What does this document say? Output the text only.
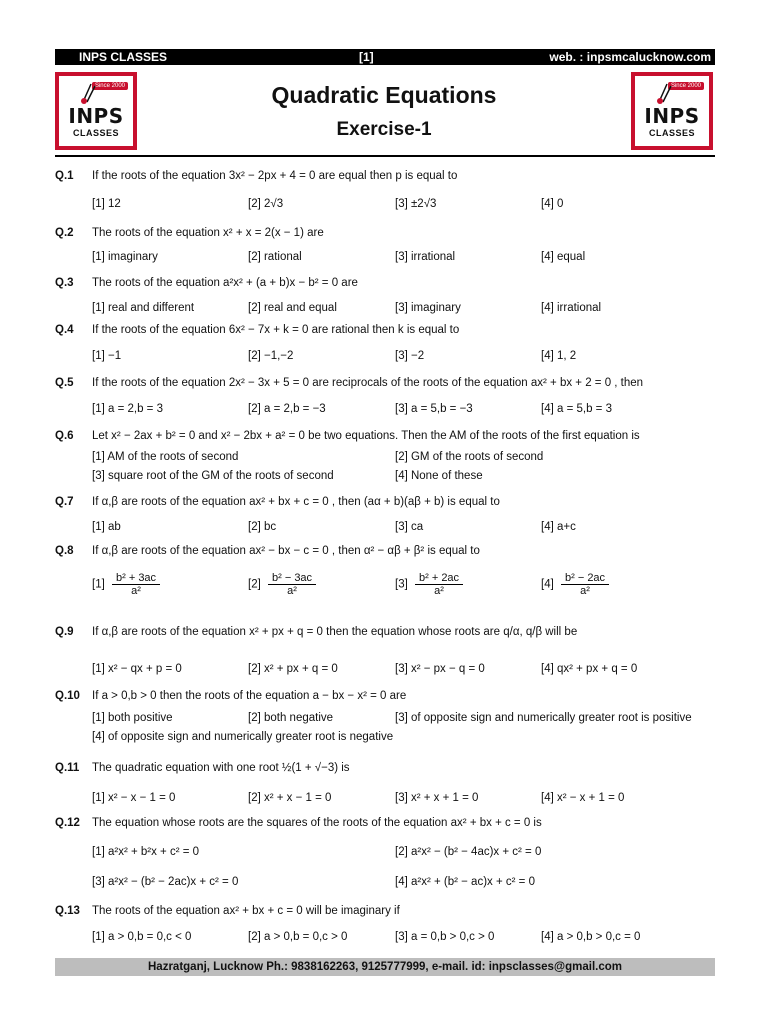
INPS CLASSES	[1]	web. : inpsmcalucknow.com
Since 2000
INPS
CLASSES
Since 2000
INPS
CLASSES
Quadratic Equations
Exercise-1
Q.1 If the roots of the equation 3x² − 2px + 4 = 0 are equal then p is equal to
[1] 12	[2] 2√3	[3] ±2√3	[4] 0
Q.2 The roots of the equation x² + x = 2(x − 1) are
[1] imaginary	[2] rational	[3] irrational	[4] equal
Q.3 The roots of the equation a²x² + (a + b)x − b² = 0 are
[1] real and different	[2] real and equal	[3] imaginary	[4] irrational
Q.4 If the roots of the equation 6x² − 7x + k = 0 are rational then k is equal to
[1] −1	[2] −1,−2	[3] −2	[4] 1, 2
Q.5 If the roots of the equation 2x² − 3x + 5 = 0 are reciprocals of the roots of the equation ax² + bx + 2 = 0 , then
[1] a = 2,b = 3	[2] a = 2,b = −3	[3] a = 5,b = −3	[4] a = 5,b = 3
Q.6 Let x² − 2ax + b² = 0 and x² − 2bx + a² = 0 be two equations. Then the AM of the roots of the first equation is
[1] AM of the roots of second	[2] GM of the roots of second
[3] square root of the GM of the roots of second	[4] None of these
Q.7 If α,β are roots of the equation ax² + bx + c = 0 , then (aα + b)(aβ + b) is equal to
[1] ab	[2] bc	[3] ca	[4] a+c
Q.8 If α,β are roots of the equation ax² − bx − c = 0 , then α² − αβ + β² is equal to
$[1] \frac{\text{b² + 3ac}}{\text{a²}}$	$[2] \frac{\text{b² − 3ac}}{\text{a²}}$	$[3] \frac{\text{b² + 2ac}}{\text{a²}}$	$[4] \frac{\text{b² − 2ac}}{\text{a²}}$
Q.9 If α,β are roots of the equation x² + px + q = 0 then the equation whose roots are q/α, q/β will be
[1] x² − qx + p = 0	[2] x² + px + q = 0	[3] x² − px − q = 0	[4] qx² + px + q = 0
Q.10 If a > 0,b > 0 then the roots of the equation a − bx − x² = 0 are
[1] both positive	[2] both negative	[3] of opposite sign and numerically greater root is positive
[4] of opposite sign and numerically greater root is negative
Q.11 The quadratic equation with one root ½(1 + √−3) is
[1] x² − x − 1 = 0	[2] x² + x − 1 = 0	[3] x² + x + 1 = 0	[4] x² − x + 1 = 0
Q.12 The equation whose roots are the squares of the roots of the equation ax² + bx + c = 0 is
[1] a²x² + b²x + c² = 0	[2] a²x² − (b² − 4ac)x + c² = 0
[3] a²x² − (b² − 2ac)x + c² = 0	[4] a²x² + (b² − ac)x + c² = 0
Q.13 The roots of the equation ax² + bx + c = 0 will be imaginary if
[1] a > 0,b = 0,c < 0	[2] a > 0,b = 0,c > 0	[3] a = 0,b > 0,c > 0	[4] a > 0,b > 0,c = 0
Hazratganj, Lucknow Ph.: 9838162263, 9125777999, e-mail. id: inpsclasses@gmail.com
